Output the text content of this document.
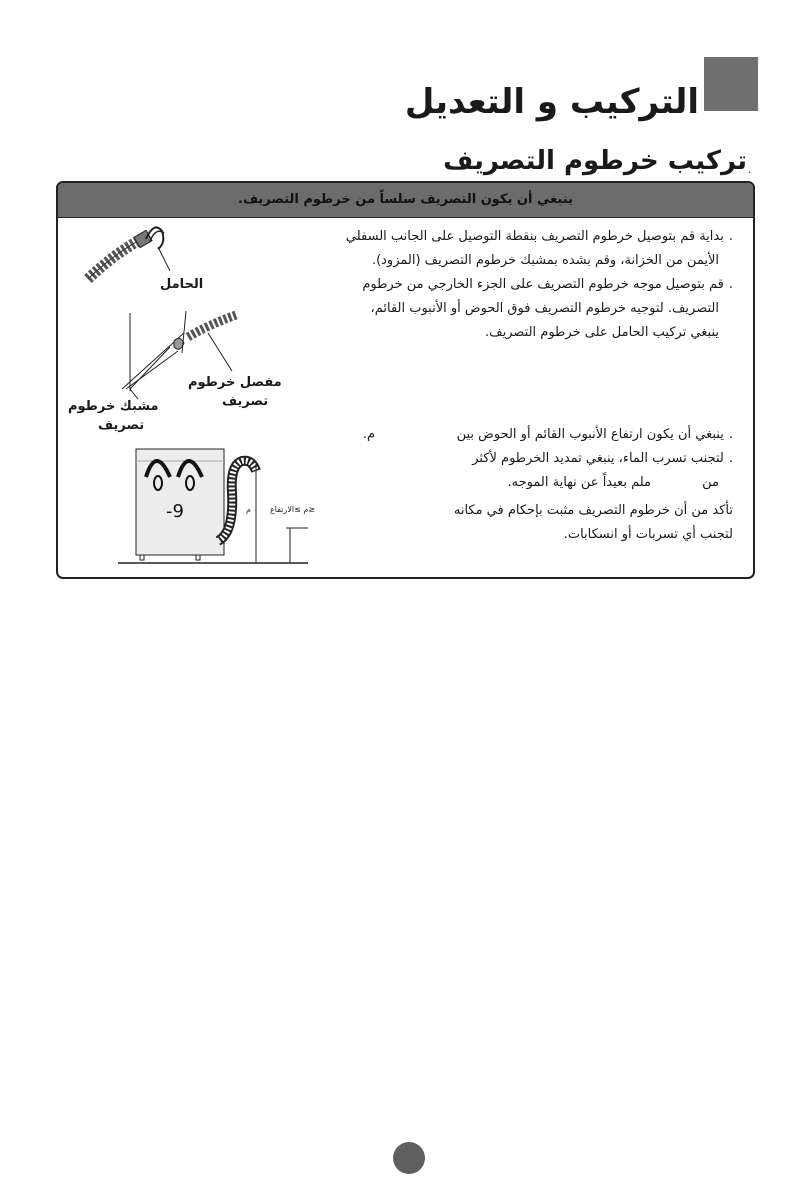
التركيب و التعديل
تركيب خرطوم التصريف .
ينبغي أن يكون التصريف سلساً من خرطوم التصريف.

.بداية قم بتوصيل خرطوم التصريف بنقطة التوصيل على الجانب السفلي

الأيمن من الخزانة، وقم بشده بمشبك خرطوم التصريف (المزود).

.قم بتوصيل موجه خرطوم التصريف على الجزء الخارجي من خرطوم

التصريف. لتوجيه خرطوم التصريف فوق الحوض أو الأنبوب القائم،

ينبغي تركيب الحامل على خرطوم التصريف.

.ينبغي أن يكون ارتفاع الأنبوب القائم أو الحوض بين

م.

.لتجنب تسرب الماء، ينبغي تمديد الخرطوم لأكثر

من

ملم بعيداً عن نهاية الموجه.

تأكد من أن خرطوم التصريف مثبت بإحكام في مكانه

لتجنب أي تسربات أو انسكابات.

الحامل

مفصل خرطوم

تصريف

مشبك خرطوم

تصريف

م ≥الارتفاع≥
م
-9
